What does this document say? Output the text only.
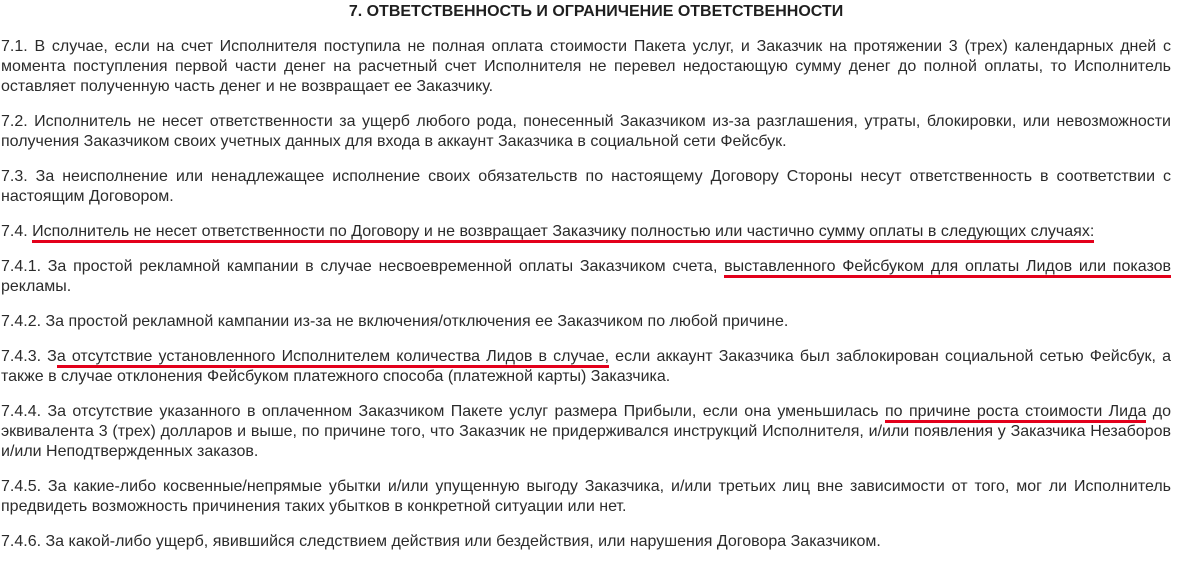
7. ОТВЕТСТВЕННОСТЬ И ОГРАНИЧЕНИЕ ОТВЕТСТВЕННОСТИ

7.1. В случае, если на счет Исполнителя поступила не полная оплата стоимости Пакета услуг, и Заказчик на протяжении 3 (трех) календарных дней с момента поступления первой части денег на расчетный счет Исполнителя не перевел недостающую сумму денег до полной оплаты, то Исполнитель оставляет полученную часть денег и не возвращает ее Заказчику.

7.2. Исполнитель не несет ответственности за ущерб любого рода, понесенный Заказчиком из-за разглашения, утраты, блокировки, или невозможности получения Заказчиком своих учетных данных для входа в аккаунт Заказчика в социальной сети Фейсбук.

7.3. За неисполнение или ненадлежащее исполнение своих обязательств по настоящему Договору Стороны несут ответственность в соответствии с настоящим Договором.

7.4. Исполнитель не несет ответственности по Договору и не возвращает Заказчику полностью или частично сумму оплаты в следующих случаях:

7.4.1. За простой рекламной кампании в случае несвоевременной оплаты Заказчиком счета, выставленного Фейсбуком для оплаты Лидов или показов рекламы.

7.4.2. За простой рекламной кампании из-за не включения/отключения ее Заказчиком по любой причине.

7.4.3. За отсутствие установленного Исполнителем количества Лидов в случае, если аккаунт Заказчика был заблокирован социальной сетью Фейсбук, а также в случае отклонения Фейсбуком платежного способа (платежной карты) Заказчика.

7.4.4. За отсутствие указанного в оплаченном Заказчиком Пакете услуг размера Прибыли, если она уменьшилась по причине роста стоимости Лида до эквивалента 3 (трех) долларов и выше, по причине того, что Заказчик не придерживался инструкций Исполнителя, и/или появления у Заказчика Незаборов и/или Неподтвержденных заказов.

7.4.5. За какие-либо косвенные/непрямые убытки и/или упущенную выгоду Заказчика, и/или третьих лиц вне зависимости от того, мог ли Исполнитель предвидеть возможность причинения таких убытков в конкретной ситуации или нет.

7.4.6. За какой-либо ущерб, явившийся следствием действия или бездействия, или нарушения Договора Заказчиком.
